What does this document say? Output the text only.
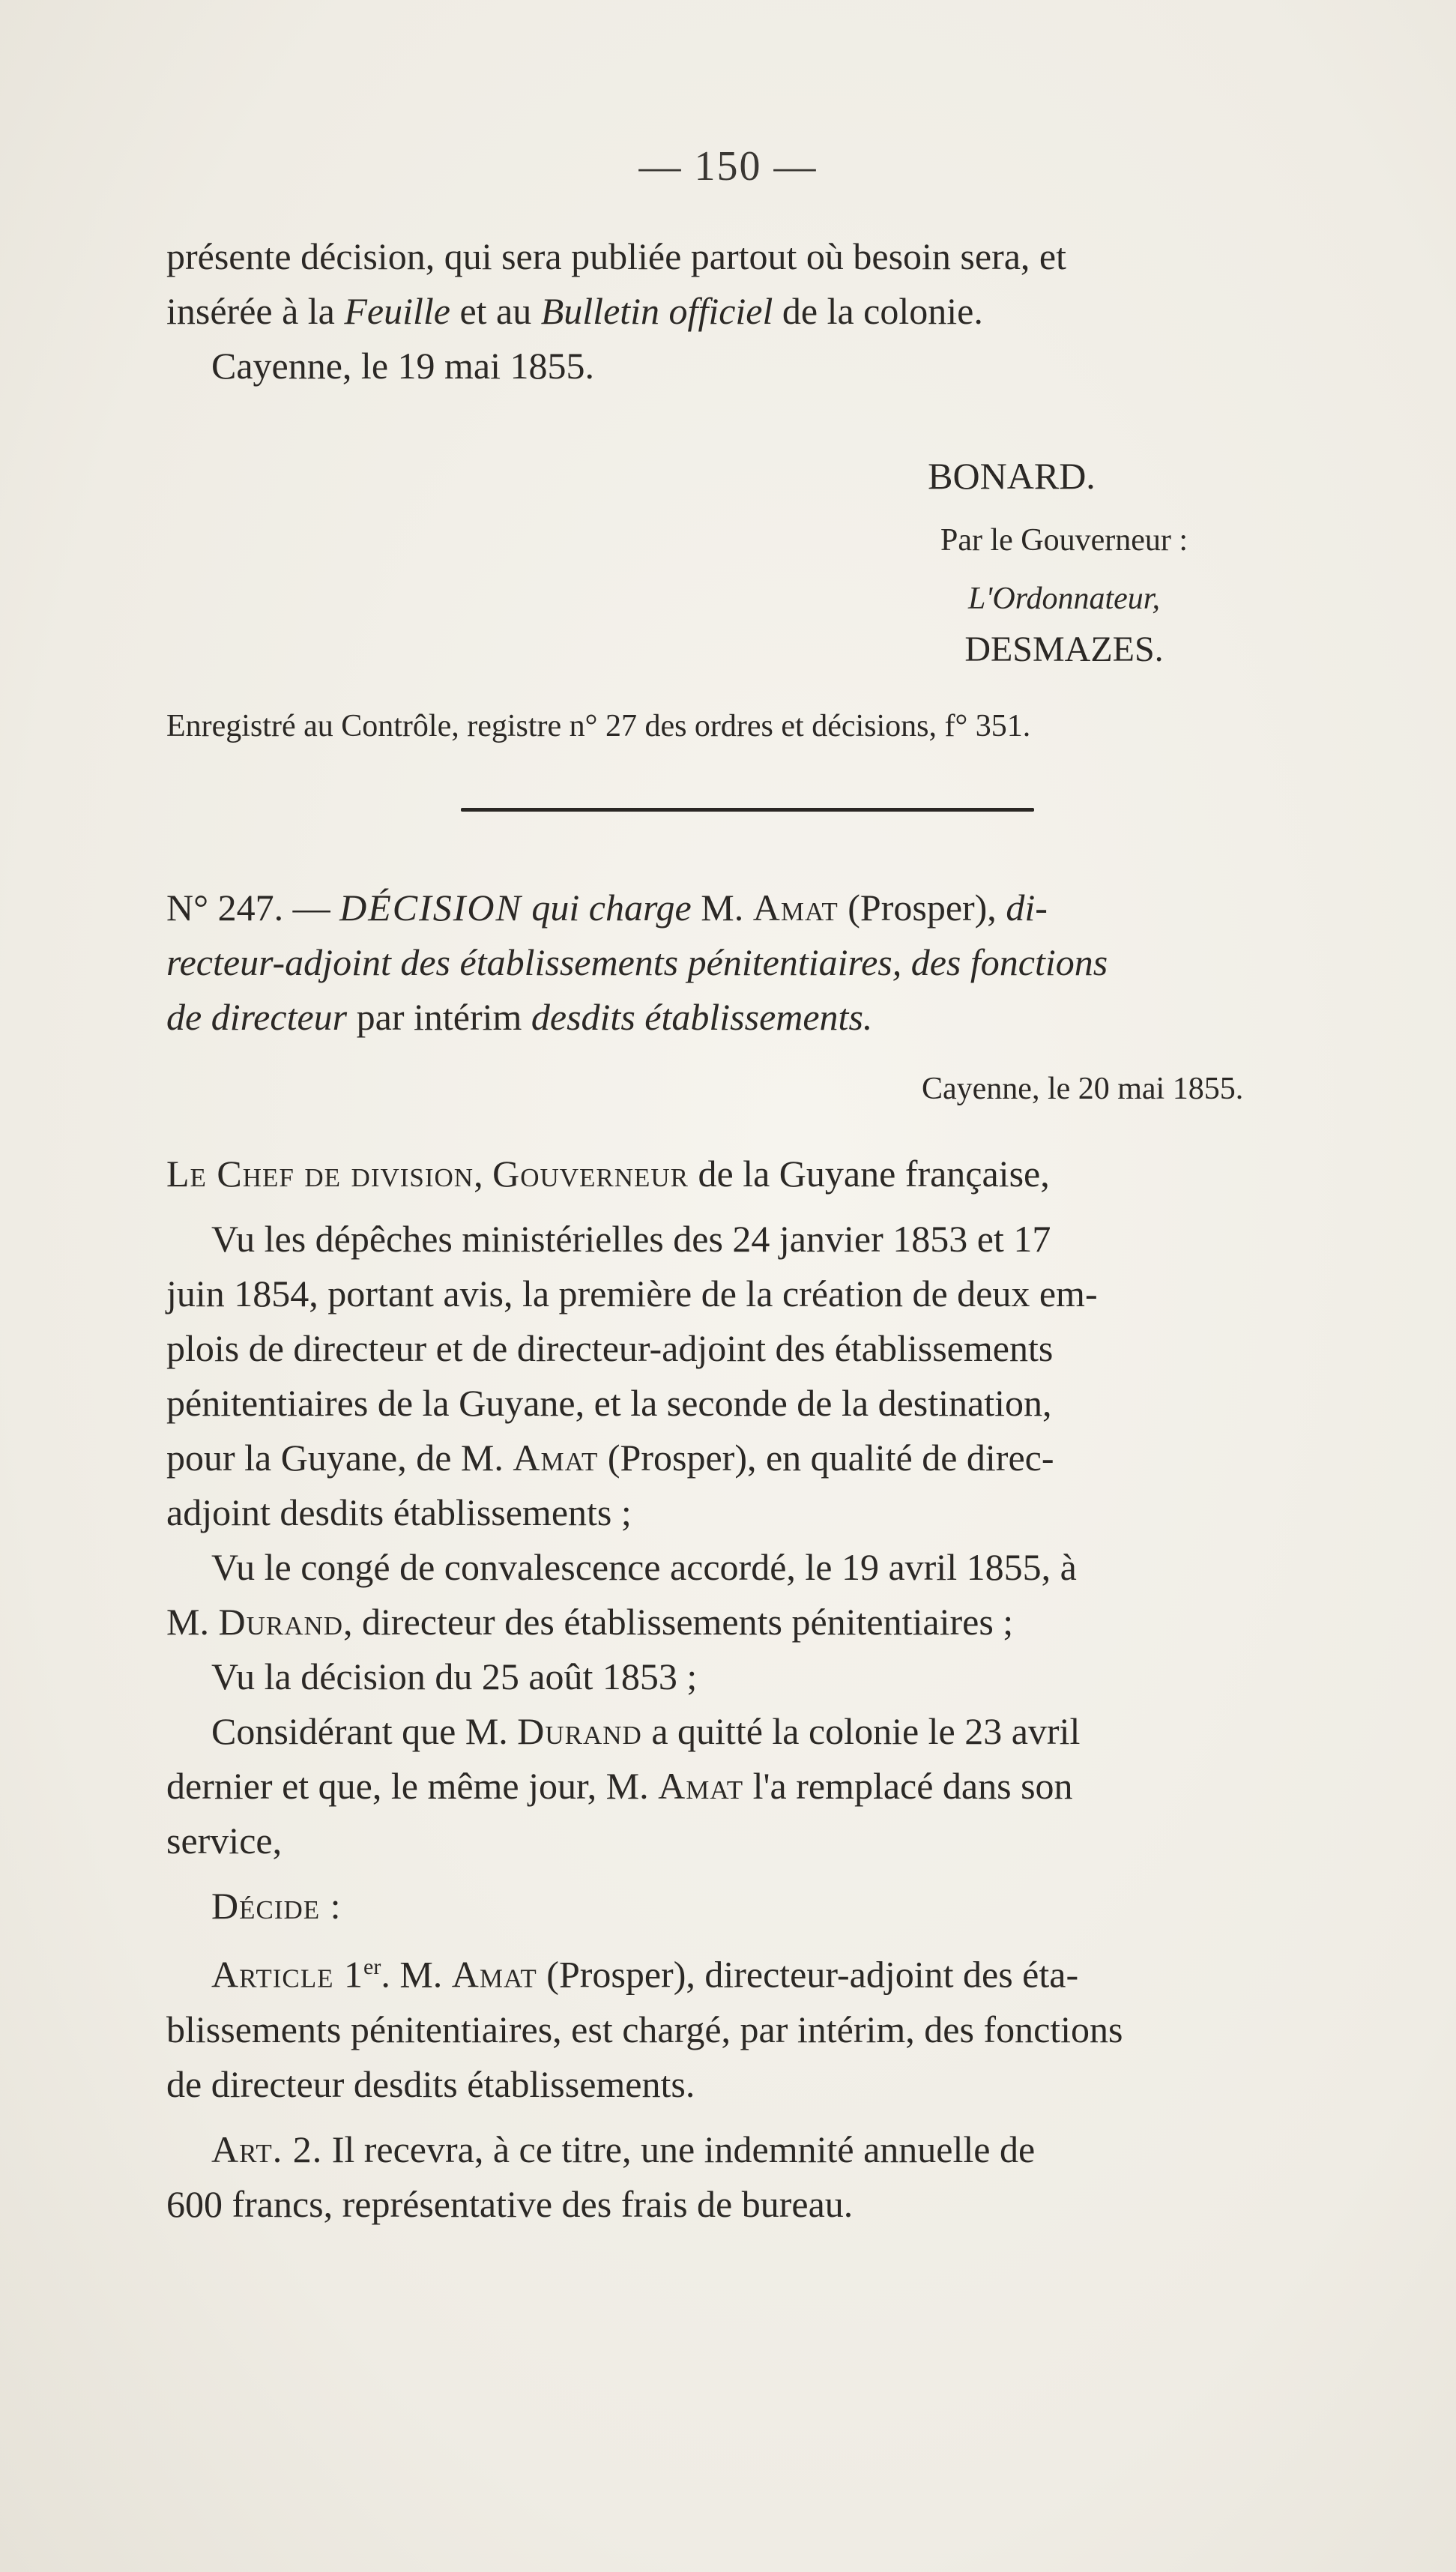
— 150 —

présente décision, qui sera publiée partout où besoin sera, et

insérée à la Feuille et au Bulletin officiel de la colonie.

Cayenne, le 19 mai 1855.

BONARD.

Par le Gouverneur :

L'Ordonnateur,

DESMAZES.

Enregistré au Contrôle, registre n° 27 des ordres et décisions, f° 351.

N° 247. — DÉCISION qui charge M. Amat (Prosper), di-

recteur-adjoint des établissements pénitentiaires, des fonctions

de directeur par intérim desdits établissements.

Cayenne, le 20 mai 1855.

Le Chef de division, Gouverneur de la Guyane française,

Vu les dépêches ministérielles des 24 janvier 1853 et 17

juin 1854, portant avis, la première de la création de deux em-

plois de directeur et de directeur-adjoint des établissements

pénitentiaires de la Guyane, et la seconde de la destination,

pour la Guyane, de M. Amat (Prosper), en qualité de direc-

adjoint desdits établissements ;

Vu le congé de convalescence accordé, le 19 avril 1855, à

M. Durand, directeur des établissements pénitentiaires ;

Vu la décision du 25 août 1853 ;

Considérant que M. Durand a quitté la colonie le 23 avril

dernier et que, le même jour, M. Amat l'a remplacé dans son

service,

Décide :

Article 1er. M. Amat (Prosper), directeur-adjoint des éta-

blissements pénitentiaires, est chargé, par intérim, des fonctions

de directeur desdits établissements.

Art. 2. Il recevra, à ce titre, une indemnité annuelle de

600 francs, représentative des frais de bureau.
